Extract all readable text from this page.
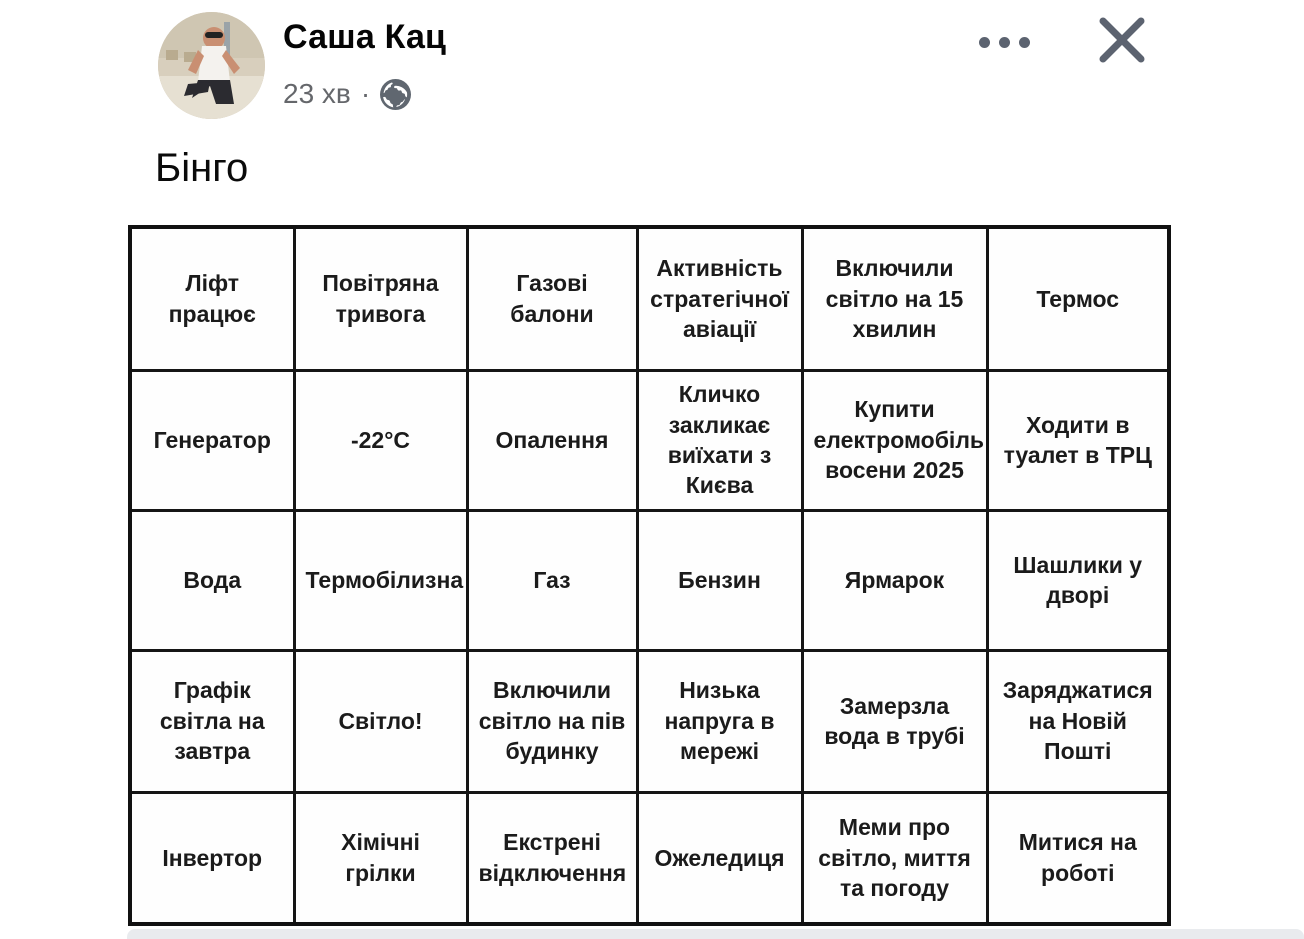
Саша Кац
23 хв ·
Бінго
Ліфт працює	Повітряна тривога	Газові балони	Активність стратегічної авіації	Включили світло на 15 хвилин	Термос
Генератор	-22°C	Опалення	Кличко закликає виїхати з Києва	Купити електромобіль восени 2025	Ходити в туалет в ТРЦ
Вода	Термобілизна	Газ	Бензин	Ярмарок	Шашлики у дворі
Графік світла на завтра	Світло!	Включили світло на пів будинку	Низька напруга в мережі	Замерзла вода в трубі	Заряджатися на Новій Пошті
Інвертор	Хімічні грілки	Екстрені відключення	Ожеледиця	Меми про світло, миття та погоду	Митися на роботі
